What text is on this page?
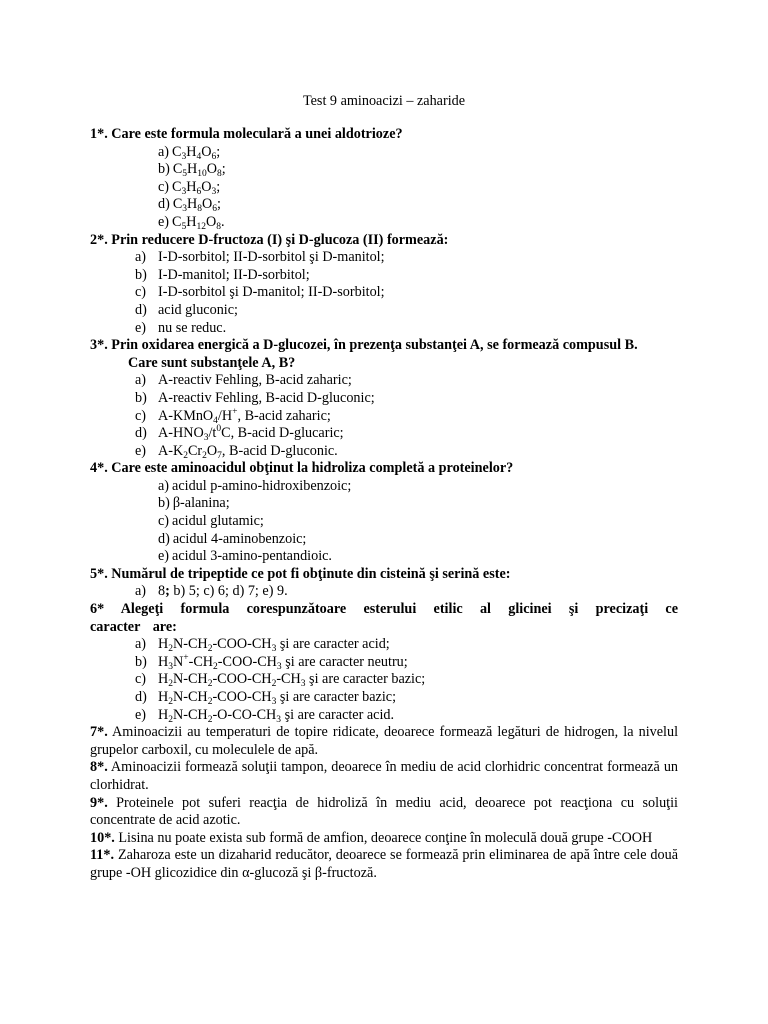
Test 9 aminoacizi – zaharide
1*. Care este formula moleculară a unei aldotrioze?
a) $C_3H_4O_6$;
b) $C_5H_{10}O_8$;
c) $C_3H_6O_3$;
d) $C_3H_8O_6$;
e) $C_5H_{12}O_8$.
2*. Prin reducere D-fructoza (I) şi D-glucoza (II) formează:
a) I-D-sorbitol; II-D-sorbitol şi D-manitol;
b) I-D-manitol; II-D-sorbitol;
c) I-D-sorbitol şi D-manitol; II-D-sorbitol;
d) acid gluconic;
e) nu se reduc.
3*. Prin oxidarea energică a D-glucozei, în prezenţa substanţei A, se formează compusul B.
Care sunt substanţele A, B?
a) A-reactiv Fehling, B-acid zaharic;
b) A-reactiv Fehling, B-acid D-gluconic;
c) A-KMnO$_4$/H+, B-acid zaharic;
d) $A-HNO_3/t^0C$, B-acid D-glucaric;
e) $A-K_2Cr_2O_7$, B-acid D-gluconic.
4*. Care este aminoacidul obţinut la hidroliza completă a proteinelor?
a) acidul p-amino-hidroxibenzoic;
b) β-alanina;
c) acidul glutamic;
d) acidul 4-aminobenzoic;
e) acidul 3-amino-pentandioic.
5*. Numărul de tripeptide ce pot fi obţinute din cisteină şi serină este:
a) 8; b) 5; c) 6; d) 7; e) 9.
6* Alegeţi formula corespunzătoare esterului etilic al glicinei şi precizaţi ce caracter are:
a) $H_2N-CH_2-COO-CH_3$ şi are caracter acid;
b) $H_3N^+-CH_2-COO-CH_3$ şi are caracter neutru;
c) $H_2N-CH_2-COO-CH_2-CH_3$ şi are caracter bazic;
d) $H_2N-CH_2-COO-CH_3$ şi are caracter bazic;
e) $H_2N-CH_2-O-CO-CH_3$ şi are caracter acid.
7*. Aminoacizii au temperaturi de topire ridicate, deoarece formează legături de hidrogen, la nivelul grupelor carboxil, cu moleculele de apă.
8*. Aminoacizii formează soluţii tampon, deoarece în mediu de acid clorhidric concentrat formează un clorhidrat.
9*. Proteinele pot suferi reacţia de hidroliză în mediu acid, deoarece pot reacţiona cu soluţii concentrate de acid azotic.
10*. Lisina nu poate exista sub formă de amfion, deoarece conţine în moleculă două grupe -COOH
11*. Zaharoza este un dizaharid reducător, deoarece se formează prin eliminarea de apă între cele două grupe -OH glicozidice din α-glucoză şi β-fructoză.
